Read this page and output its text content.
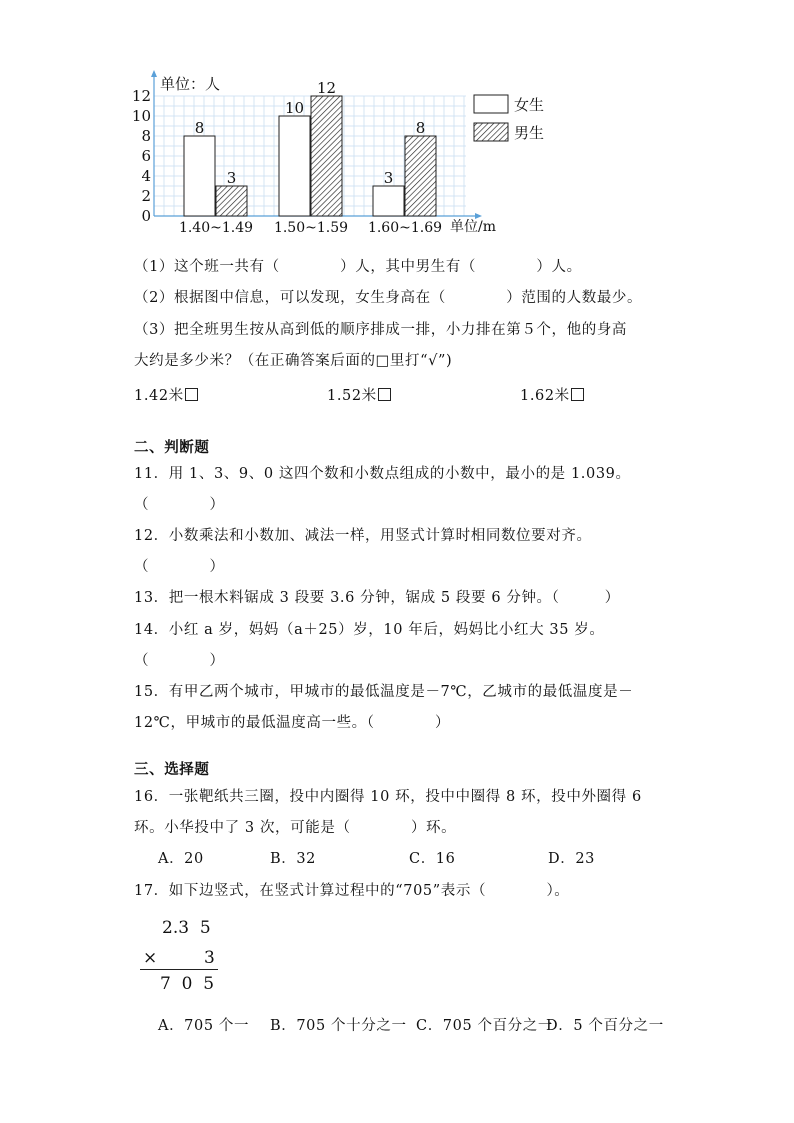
单位：人
单位/m
0
2
4
6
8
10
12
8
3
10
12
3
8
1.40~1.49 1.50~1.59 1.60~1.69
女生
男生
（1）这个班一共有（　　　　）人，其中男生有（　　　　）人。
（2）根据图中信息，可以发现，女生身高在（　　　　）范围的人数最少。
（3）把全班男生按从高到低的顺序排成一排，小力排在第５个，他的身高
大约是多少米？（在正确答案后面的□里打“√”)
1.42米	1.52米	1.62米
二、判断题
11．用 1、3、9、0 这四个数和小数点组成的小数中，最小的是 1.039。
（　　　　）
12．小数乘法和小数加、减法一样，用竖式计算时相同数位要对齐。
（　　　　）
13．把一根木料锯成 3 段要 3.6 分钟，锯成 5 段要 6 分钟。（　　　）
14．小红 a 岁，妈妈（a＋25）岁，10 年后，妈妈比小红大 35 岁。
（　　　　）
15．有甲乙两个城市，甲城市的最低温度是－7℃，乙城市的最低温度是－
12℃，甲城市的最低温度高一些。（　　　　）
三、选择题
16．一张靶纸共三圈，投中内圈得 10 环，投中中圈得 8 环，投中外圈得 6
环。小华投中了 3 次，可能是（　　　　）环。
A．20	B．32	C．16	D．23
17．如下边竖式，在竖式计算过程中的“705”表示（　　　　）。
2.3  5
×	3
7  0  5
A．705 个一 B．705 个十分之一 C．705 个百分之一
D．5 个百分之一
